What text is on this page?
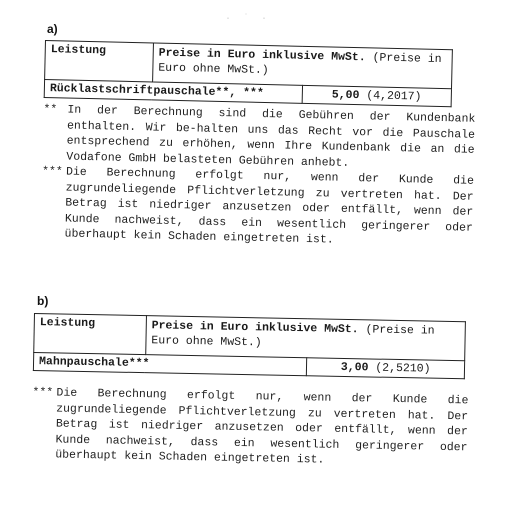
· ˙ ·
a)
Leistung	Preise in Euro inklusive MwSt. (Preise in Euro ohne MwSt.)	
Rücklastschriftpauschale**, ***		5,00 (4,2017)
** In der Berechnung sind die Gebühren der Kundenbank enthalten. Wir be-halten uns das Recht vor die Pauschale entsprechend zu erhöhen, wenn Ihre Kundenbank die an die Vodafone GmbH belasteten Gebühren anhebt.
*** Die Berechnung erfolgt nur, wenn der Kunde die zugrundeliegende Pflichtverletzung zu vertreten hat. Der Betrag ist niedriger anzusetzen oder entfällt, wenn der Kunde nachweist, dass ein wesentlich geringerer oder überhaupt kein Schaden eingetreten ist.
b)
Leistung	Preise in Euro inklusive MwSt. (Preise in Euro ohne MwSt.)	
Mahnpauschale***		3,00 (2,5210)
*** Die Berechnung erfolgt nur, wenn der Kunde die zugrundeliegende Pflichtverletzung zu vertreten hat. Der Betrag ist niedriger anzusetzen oder entfällt, wenn der Kunde nachweist, dass ein wesentlich geringerer oder überhaupt kein Schaden eingetreten ist.
